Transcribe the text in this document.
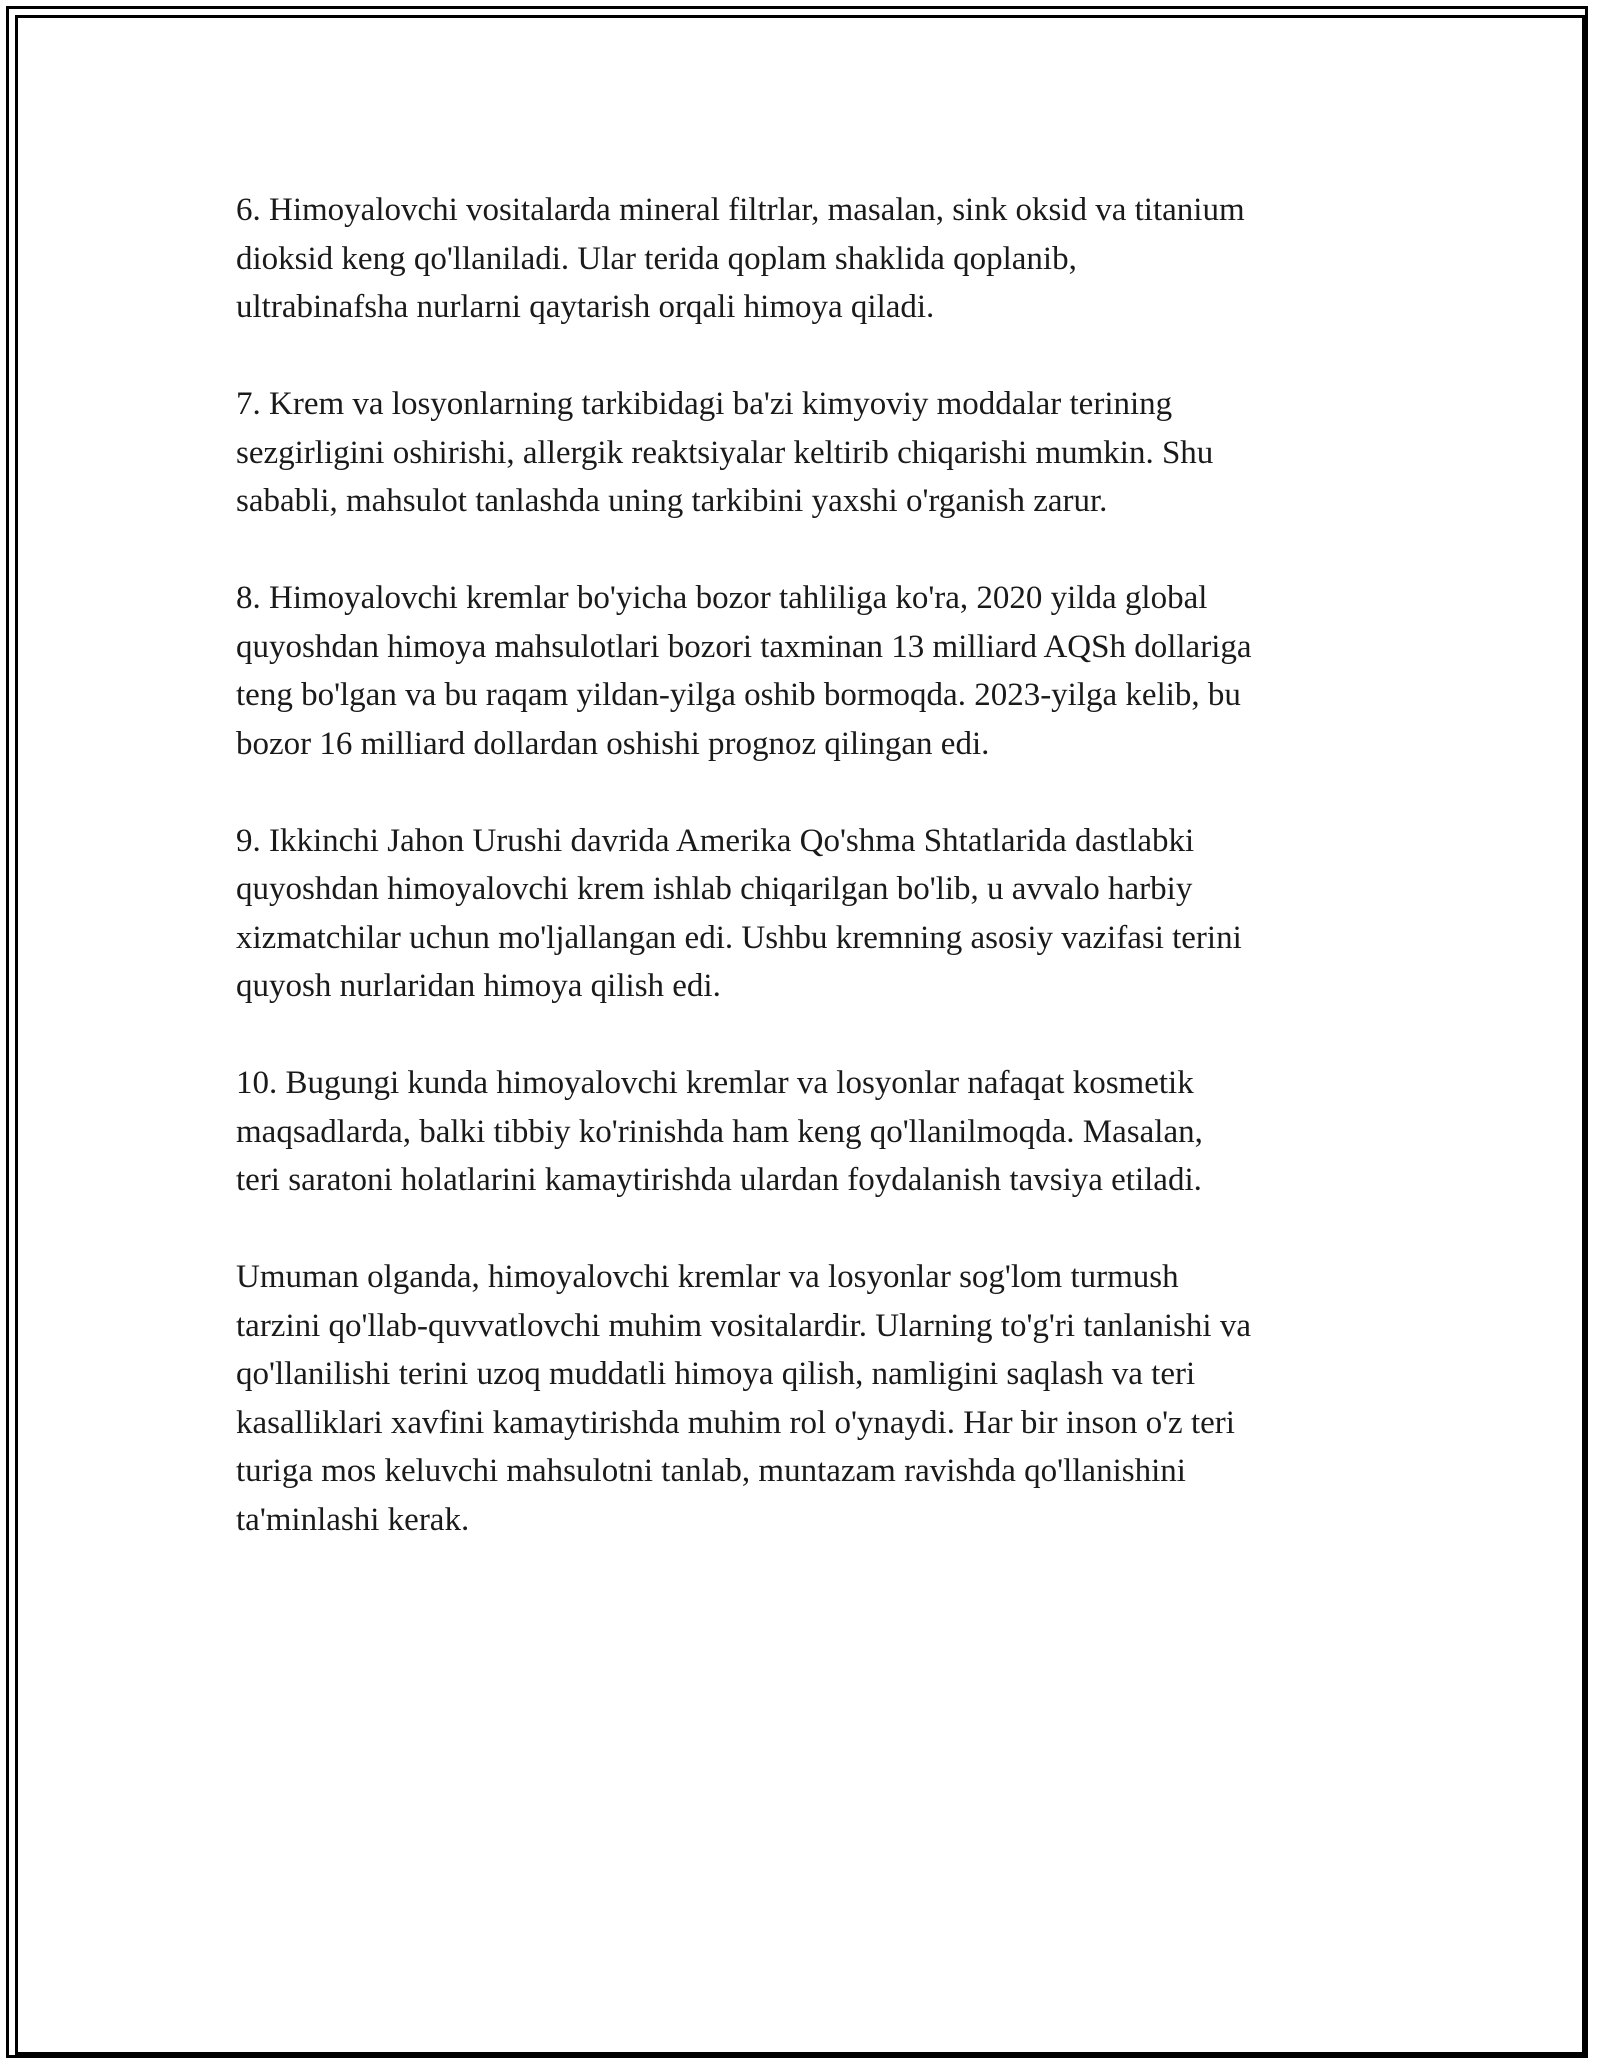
6. Himoyalovchi vositalarda mineral filtrlar, masalan, sink oksid va titanium
dioksid keng qo'llaniladi. Ular terida qoplam shaklida qoplanib,
ultrabinafsha nurlarni qaytarish orqali himoya qiladi.

7. Krem va losyonlarning tarkibidagi ba'zi kimyoviy moddalar terining
sezgirligini oshirishi, allergik reaktsiyalar keltirib chiqarishi mumkin. Shu
sababli, mahsulot tanlashda uning tarkibini yaxshi o'rganish zarur.

8. Himoyalovchi kremlar bo'yicha bozor tahliliga ko'ra, 2020 yilda global
quyoshdan himoya mahsulotlari bozori taxminan 13 milliard AQSh dollariga
teng bo'lgan va bu raqam yildan-yilga oshib bormoqda. 2023-yilga kelib, bu
bozor 16 milliard dollardan oshishi prognoz qilingan edi.

9. Ikkinchi Jahon Urushi davrida Amerika Qo'shma Shtatlarida dastlabki
quyoshdan himoyalovchi krem ishlab chiqarilgan bo'lib, u avvalo harbiy
xizmatchilar uchun mo'ljallangan edi. Ushbu kremning asosiy vazifasi terini
quyosh nurlaridan himoya qilish edi.

10. Bugungi kunda himoyalovchi kremlar va losyonlar nafaqat kosmetik
maqsadlarda, balki tibbiy ko'rinishda ham keng qo'llanilmoqda. Masalan,
teri saratoni holatlarini kamaytirishda ulardan foydalanish tavsiya etiladi.

Umuman olganda, himoyalovchi kremlar va losyonlar sog'lom turmush
tarzini qo'llab-quvvatlovchi muhim vositalardir. Ularning to'g'ri tanlanishi va
qo'llanilishi terini uzoq muddatli himoya qilish, namligini saqlash va teri
kasalliklari xavfini kamaytirishda muhim rol o'ynaydi. Har bir inson o'z teri
turiga mos keluvchi mahsulotni tanlab, muntazam ravishda qo'llanishini
ta'minlashi kerak.
